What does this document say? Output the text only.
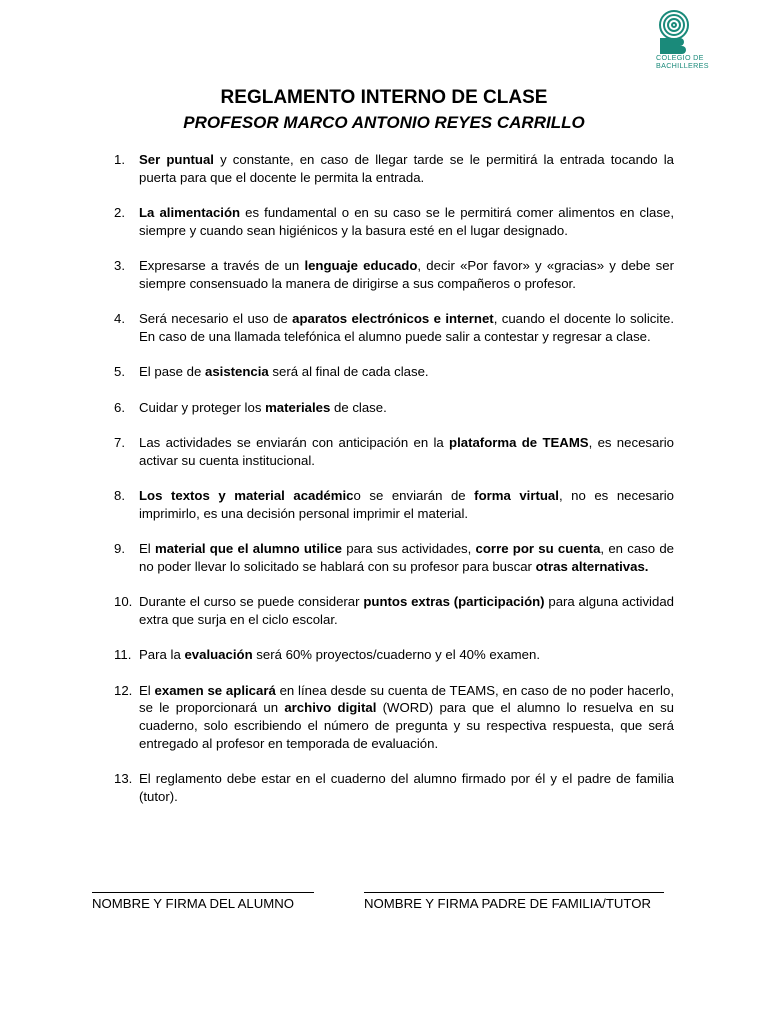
COLEGIO DE
BACHILLERES
REGLAMENTO INTERNO DE CLASE
PROFESOR MARCO ANTONIO REYES CARRILLO
1. Ser puntual y constante, en caso de llegar tarde se le permitirá la entrada tocando la puerta para que el docente le permita la entrada.
2. La alimentación es fundamental o en su caso se le permitirá comer alimentos en clase, siempre y cuando sean higiénicos y la basura esté en el lugar designado.
3. Expresarse a través de un lenguaje educado, decir «Por favor» y «gracias» y debe ser siempre consensuado la manera de dirigirse a sus compañeros o profesor.
4. Será necesario el uso de aparatos electrónicos e internet, cuando el docente lo solicite. En caso de una llamada telefónica el alumno puede salir a contestar y regresar a clase.
5. El pase de asistencia será al final de cada clase.
6. Cuidar y proteger los materiales de clase.
7. Las actividades se enviarán con anticipación en la plataforma de TEAMS, es necesario activar su cuenta institucional.
8. Los textos y material académico se enviarán de forma virtual, no es necesario imprimirlo, es una decisión personal imprimir el material.
9. El material que el alumno utilice para sus actividades, corre por su cuenta, en caso de no poder llevar lo solicitado se hablará con su profesor para buscar otras alternativas.
10. Durante el curso se puede considerar puntos extras (participación) para alguna actividad extra que surja en el ciclo escolar.
11. Para la evaluación será 60% proyectos/cuaderno y el 40% examen.
12. El examen se aplicará en línea desde su cuenta de TEAMS, en caso de no poder hacerlo, se le proporcionará un archivo digital (WORD) para que el alumno lo resuelva en su cuaderno, solo escribiendo el número de pregunta y su respectiva respuesta, que será entregado al profesor en temporada de evaluación.
13. El reglamento debe estar en el cuaderno del alumno firmado por él y el padre de familia (tutor).
NOMBRE Y FIRMA DEL ALUMNO	NOMBRE Y FIRMA PADRE DE FAMILIA/TUTOR
